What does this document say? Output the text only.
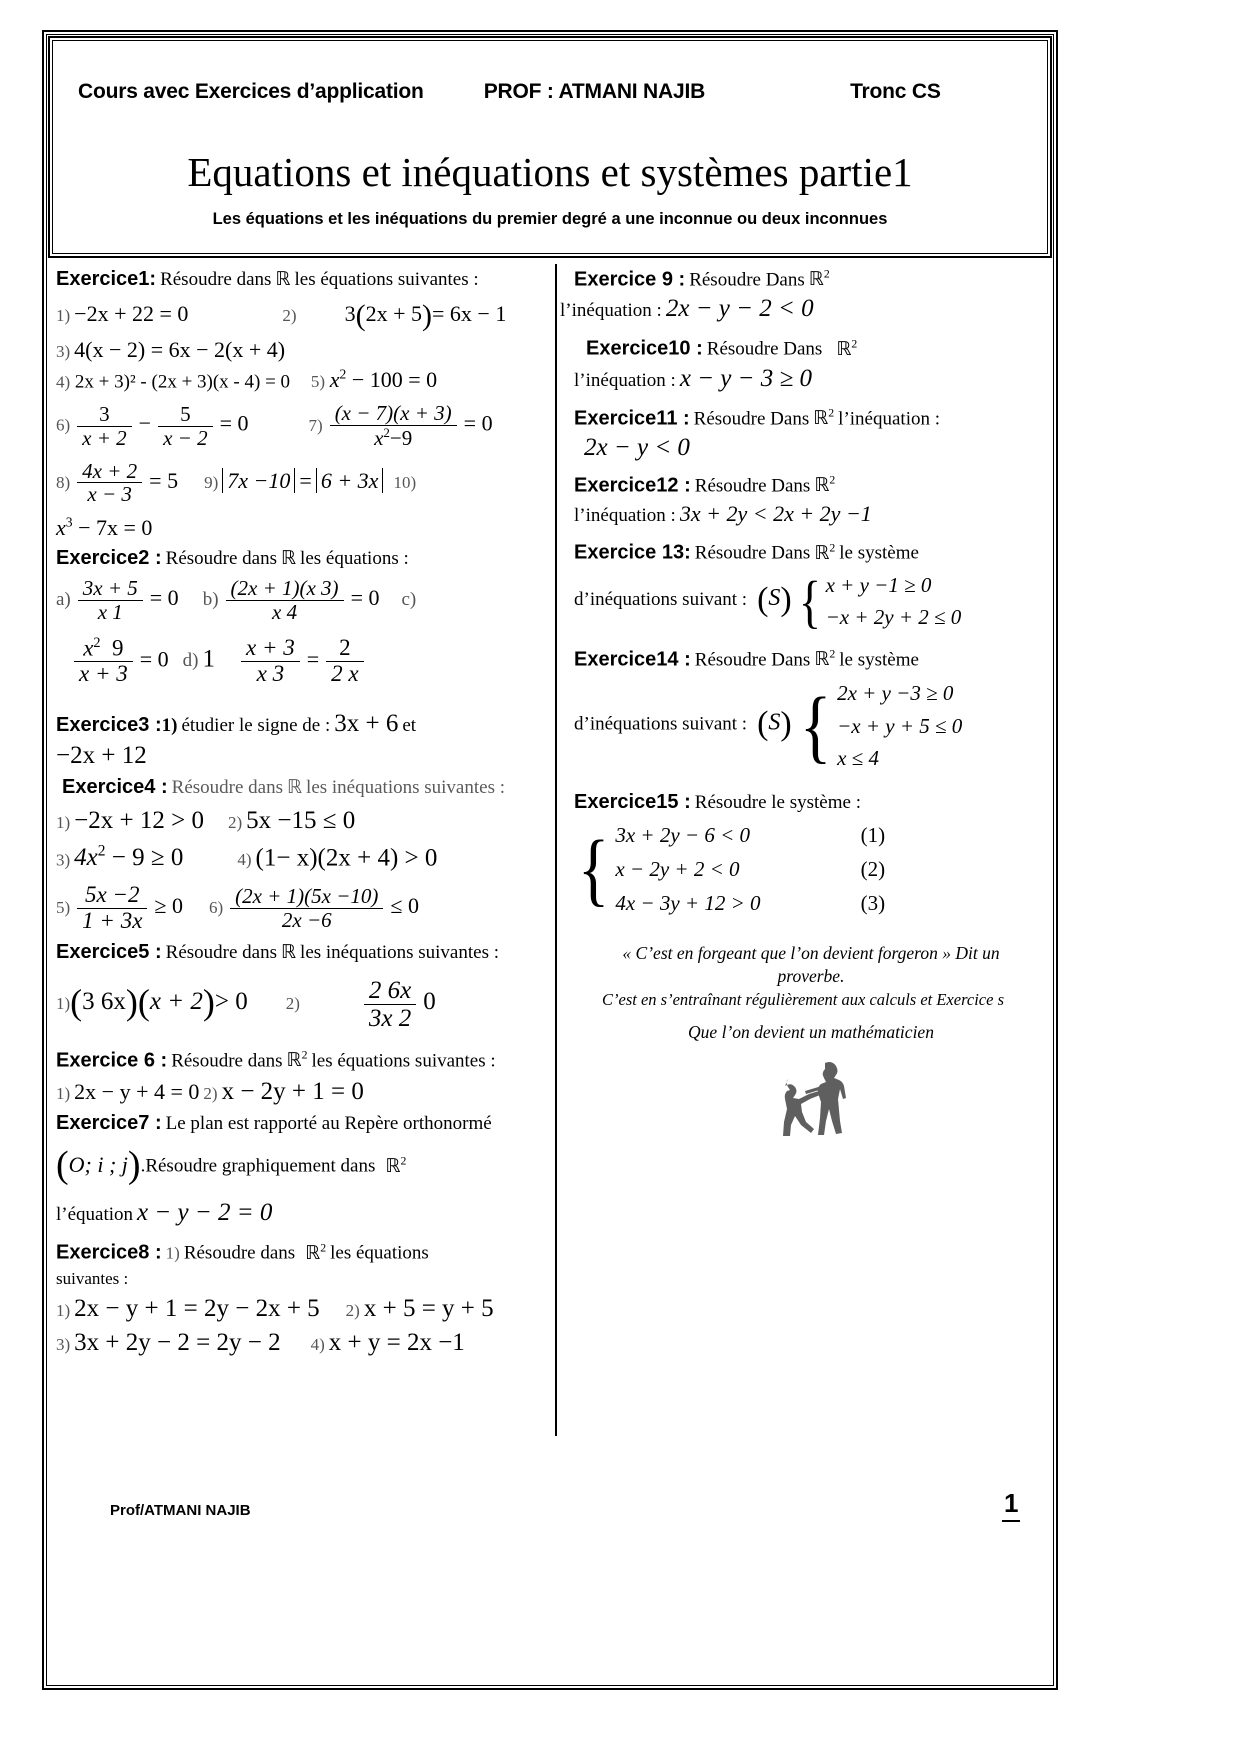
Cours avec Exercices d’application	PROF : ATMANI NAJIB	Tronc CS
Equations et inéquations et systèmes partie1
Les équations et les inéquations du premier degré a une inconnue ou deux inconnues
Exercice1: Résoudre dans ℝ les équations suivantes :
1) −2x + 22 = 0	2) 3(2x + 5)= 6x − 1
3) 4(x − 2) = 6x − 2(x + 4)
4) 2x + 3)² - (2x + 3)(x - 4) = 0 5) $x^2 - 100 = 0$
$6) \frac{3}{x + 2} - \frac{5}{x - 2} = 0$	$7) \frac{(x - 7)(x + 3)}{x^2-9} = 0$
$8) \frac{4x + 2}{x - 3} = 5$ 9) 7x −10 = 6 + 3x 10)
$x^3 - 7x = 0$
Exercice2 : Résoudre dans ℝ les équations :
$a) \frac{3x + 5}{x 1} = 0$ $b) \frac{(2x + 1)(x 3)}{x 4} = 0$ c)
$\frac{x^2 9}{x + 3} = 0$ d) $1 \frac{x + 3}{x 3} = \frac{2}{2 x}$
Exercice3 :1) étudier le signe de : 3x + 6 et
−2x + 12
Exercice4 : Résoudre dans ℝ les inéquations suivantes :
1) −2x + 12 > 0 2) 5x −15 ≤ 0
3) $4x^2 - 9 \ge 0$	4) (1− x)(2x + 4) > 0
$5) \frac{5x -2}{1 + 3x} \ge 0$ $6) \frac{(2x + 1)(5x -10)}{2x -6} \le 0$
Exercice5 : Résoudre dans ℝ les inéquations suivantes :
1)(3 6x)(x + 2)> 0 2)	$\frac{2 6x}{3x 2} 0$
Exercice 6 : Résoudre dans ℝ$^2$ les équations suivantes :
1) 2x − y + 4 = 0 2) x − 2y + 1 = 0
Exercice7 : Le plan est rapporté au Repère orthonormé
(O; i ; j).Résoudre graphiquement dans ℝ$^2$
l’équation x − y − 2 = 0
Exercice8 : 1) Résoudre dans ℝ$^2$ les équations
suivantes :
1) 2x − y + 1 = 2y − 2x + 5 2) x + 5 = y + 5
3) 3x + 2y − 2 = 2y − 2 4) x + y = 2x −1
Exercice 9 : Résoudre Dans ℝ$^2$
l’inéquation : 2x − y − 2 < 0
Exercice10 : Résoudre Dans ℝ$^2$
l’inéquation : x − y − 3 ≥ 0
Exercice11 : Résoudre Dans ℝ$^2$ l’inéquation :
2x − y < 0
Exercice12 : Résoudre Dans ℝ$^2$
l’inéquation : 3x + 2y < 2x + 2y −1
Exercice 13: Résoudre Dans ℝ$^2$ le système
d’inéquations suivant : (S) { x + y −1 ≥ 0
−x + 2y + 2 ≤ 0
Exercice14 : Résoudre Dans ℝ$^2$ le système
d’inéquations suivant : (S) { 2x + y −3 ≥ 0
−x + y + 5 ≤ 0
x ≤ 4
Exercice15 : Résoudre le système :
{ 3x + 2y − 6 < 0	(1)
x − 2y + 2 < 0	(2)
4x − 3y + 12 > 0	(3)
« C’est en forgeant que l’on devient forgeron » Dit un
proverbe.
C’est en s’entraînant régulièrement aux calculs et Exercice s
Que l’on devient un mathématicien
Prof/ATMANI NAJIB	1
